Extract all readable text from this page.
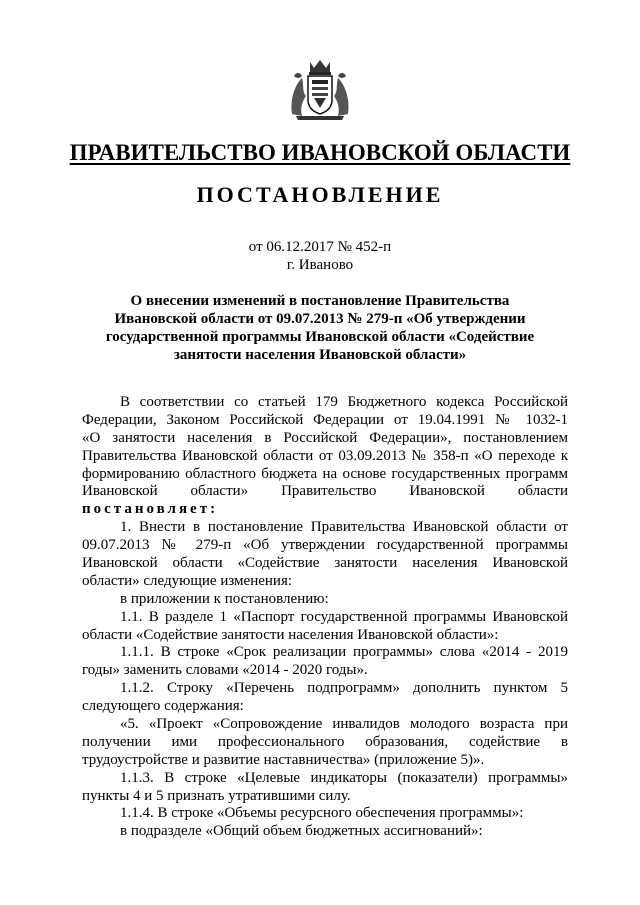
ПРАВИТЕЛЬСТВО ИВАНОВСКОЙ ОБЛАСТИ
ПОСТАНОВЛЕНИЕ
от 06.12.2017 № 452-п
г. Иваново
О внесении изменений в постановление Правительства
Ивановской области от 09.07.2013 № 279-п «Об утверждении
государственной программы Ивановской области «Содействие
занятости населения Ивановской области»
В соответствии со статьей 179 Бюджетного кодекса Российской
Федерации, Законом Российской Федерации от 19.04.1991 № 1032-1
«О занятости населения в Российской Федерации», постановлением
Правительства Ивановской области от 03.09.2013 № 358-п «О переходе к
формированию областного бюджета на основе государственных программ
Ивановской области» Правительство Ивановской области
постановляет:
1. Внести в постановление Правительства Ивановской области от
09.07.2013 № 279-п «Об утверждении государственной программы
Ивановской области «Содействие занятости населения Ивановской
области» следующие изменения:
в приложении к постановлению:
1.1. В разделе 1 «Паспорт государственной программы Ивановской
области «Содействие занятости населения Ивановской области»:
1.1.1. В строке «Срок реализации программы» слова «2014 - 2019
годы» заменить словами «2014 - 2020 годы».
1.1.2. Строку «Перечень подпрограмм» дополнить пунктом 5
следующего содержания:
«5. «Проект «Сопровождение инвалидов молодого возраста при
получении ими профессионального образования, содействие в
трудоустройстве и развитие наставничества» (приложение 5)».
1.1.3. В строке «Целевые индикаторы (показатели) программы»
пункты 4 и 5 признать утратившими силу.
1.1.4. В строке «Объемы ресурсного обеспечения программы»:
в подразделе «Общий объем бюджетных ассигнований»:
